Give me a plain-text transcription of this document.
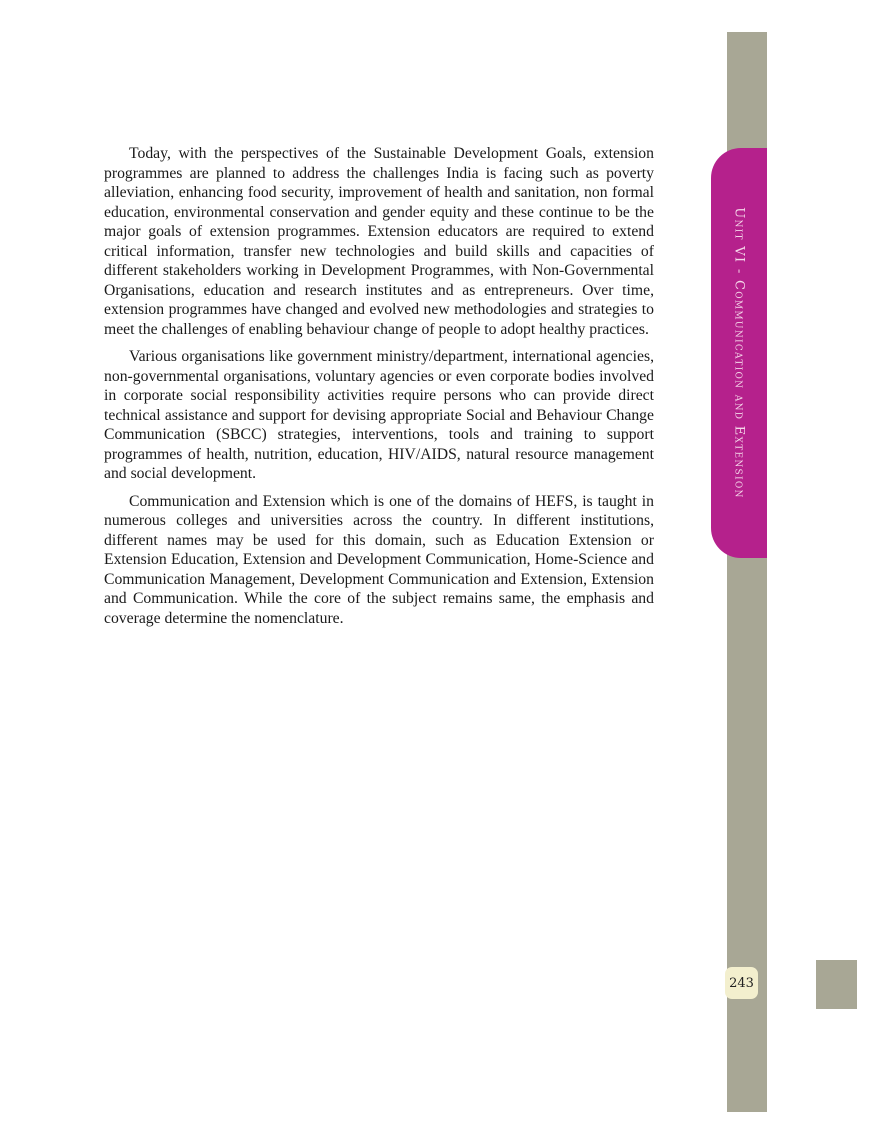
Unit VI - Communication and Extension

Today, with the perspectives of the Sustainable Development Goals, extension programmes are planned to address the challenges India is facing such as poverty alleviation, enhancing food security, improvement of health and sanitation, non formal education, environmental conservation and gender equity and these continue to be the major goals of extension programmes. Extension educators are required to extend critical information, transfer new technologies and build skills and capacities of different stakeholders working in Development Programmes, with Non-Governmental Organisations, education and research institutes and as entrepreneurs. Over time, extension programmes have changed and evolved new methodologies and strategies to meet the challenges of enabling behaviour change of people to adopt healthy practices.

Various organisations like government ministry/department, international agencies, non-governmental organisations, voluntary agencies or even corporate bodies involved in corporate social responsibility activities require persons who can provide direct technical assistance and support for devising appropriate Social and Behaviour Change Communication (SBCC) strategies, interventions, tools and training to support programmes of health, nutrition, education, HIV/AIDS, natural resource management and social development.

Communication and Extension which is one of the domains of HEFS, is taught in numerous colleges and universities across the country. In different institutions, different names may be used for this domain, such as Education Extension or Extension Education, Extension and Development Communication, Home-Science and Communication Management, Development Communication and Extension, Extension and Communication. While the core of the subject remains same, the emphasis and coverage determine the nomenclature.

243
